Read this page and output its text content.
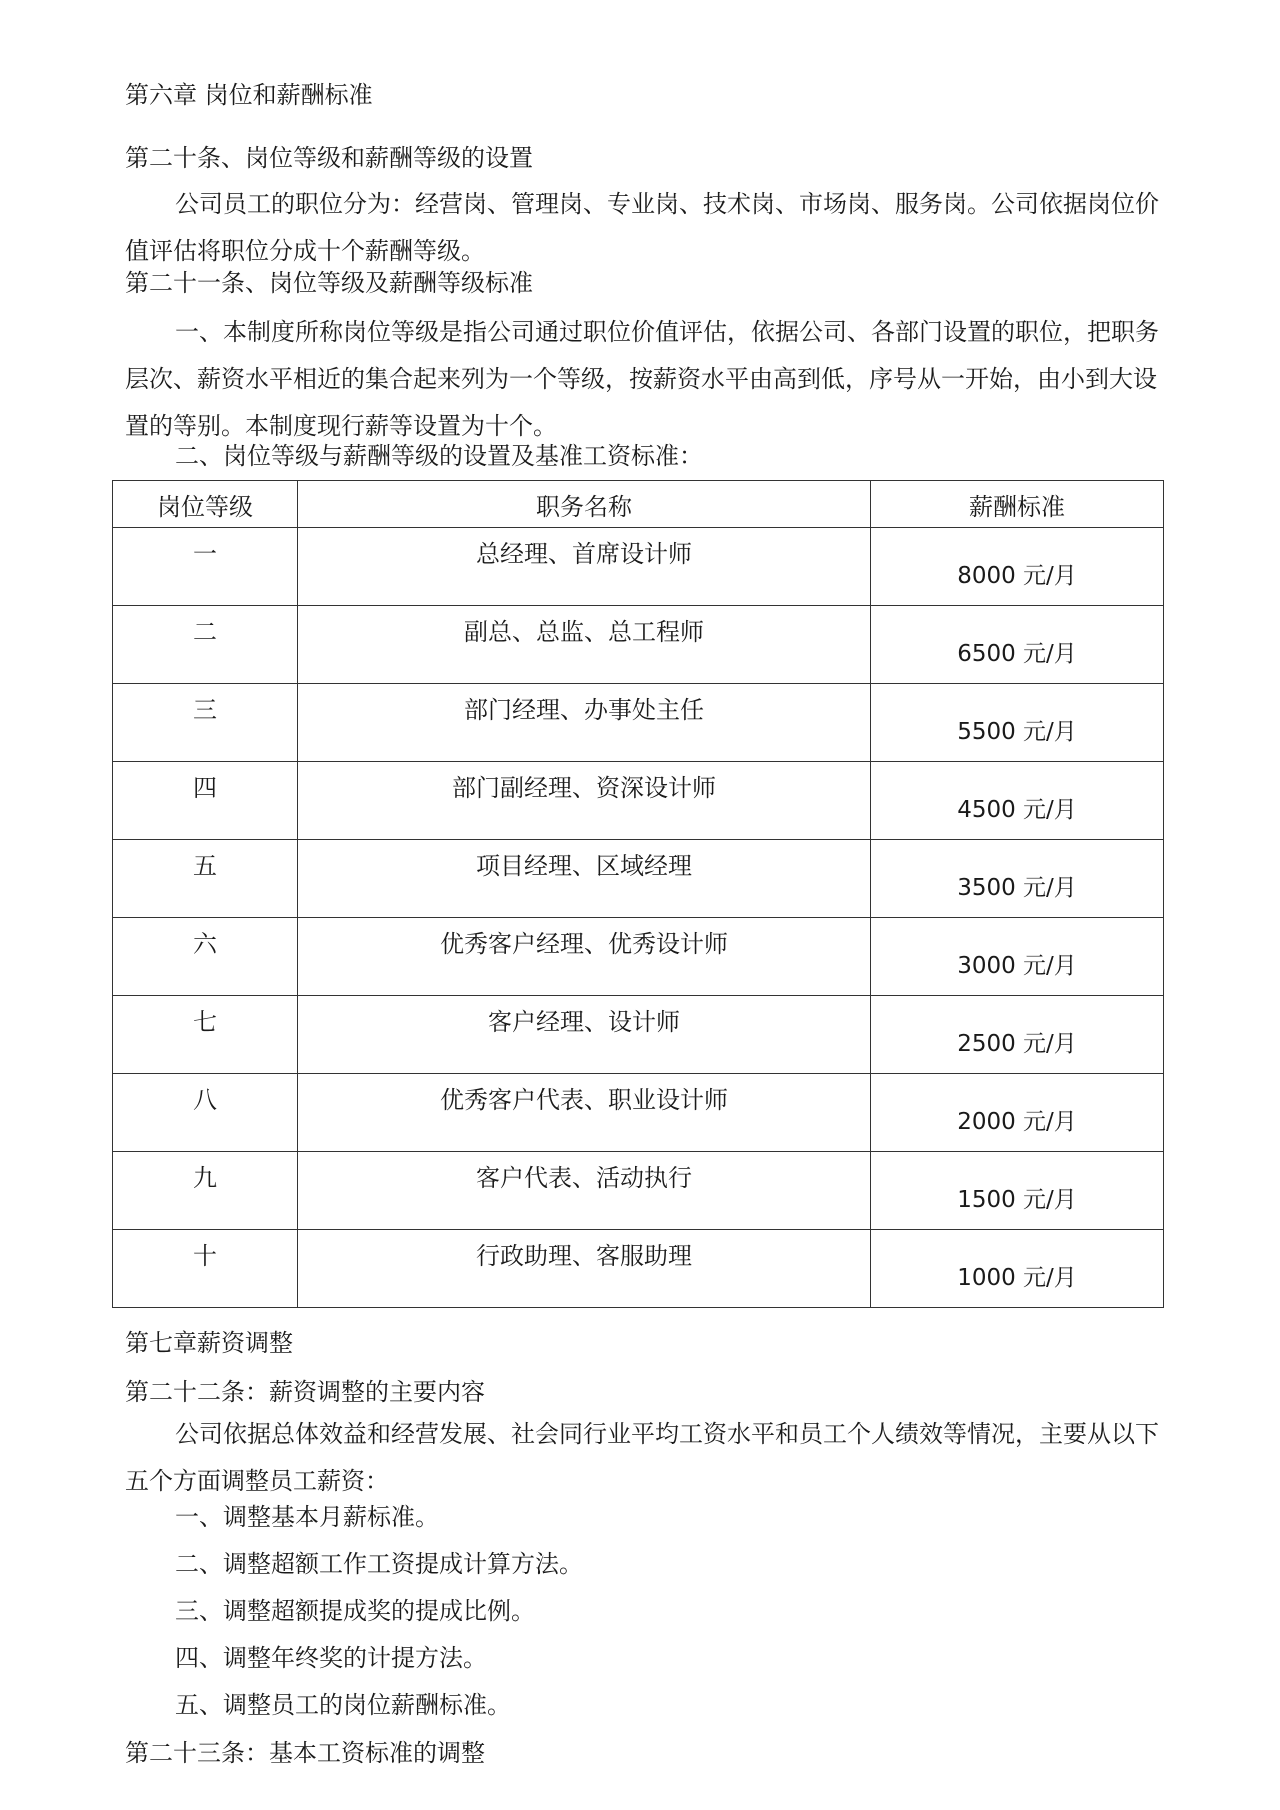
第六章 岗位和薪酬标准

第二十条、岗位等级和薪酬等级的设置

公司员工的职位分为：经营岗、管理岗、专业岗、技术岗、市场岗、服务岗。公司依据岗位价值评估将职位分成十个薪酬等级。

第二十一条、岗位等级及薪酬等级标准

一、本制度所称岗位等级是指公司通过职位价值评估，依据公司、各部门设置的职位，把职务层次、薪资水平相近的集合起来列为一个等级，按薪资水平由高到低，序号从一开始，由小到大设置的等别。本制度现行薪等设置为十个。

二、岗位等级与薪酬等级的设置及基准工资标准：

岗位等级	职务名称	薪酬标准

一	总经理、首席设计师	8000 元/月

二	副总、总监、总工程师	6500 元/月

三	部门经理、办事处主任	5500 元/月

四	部门副经理、资深设计师	4500 元/月

五	项目经理、区域经理	3500 元/月

六	优秀客户经理、优秀设计师	3000 元/月

七	客户经理、设计师	2500 元/月

八	优秀客户代表、职业设计师	2000 元/月

九	客户代表、活动执行	1500 元/月

十	行政助理、客服助理	1000 元/月

第七章薪资调整

第二十二条：薪资调整的主要内容

公司依据总体效益和经营发展、社会同行业平均工资水平和员工个人绩效等情况，主要从以下五个方面调整员工薪资：

一、调整基本月薪标准。

二、调整超额工作工资提成计算方法。

三、调整超额提成奖的提成比例。

四、调整年终奖的计提方法。

五、调整员工的岗位薪酬标准。

第二十三条：基本工资标准的调整
